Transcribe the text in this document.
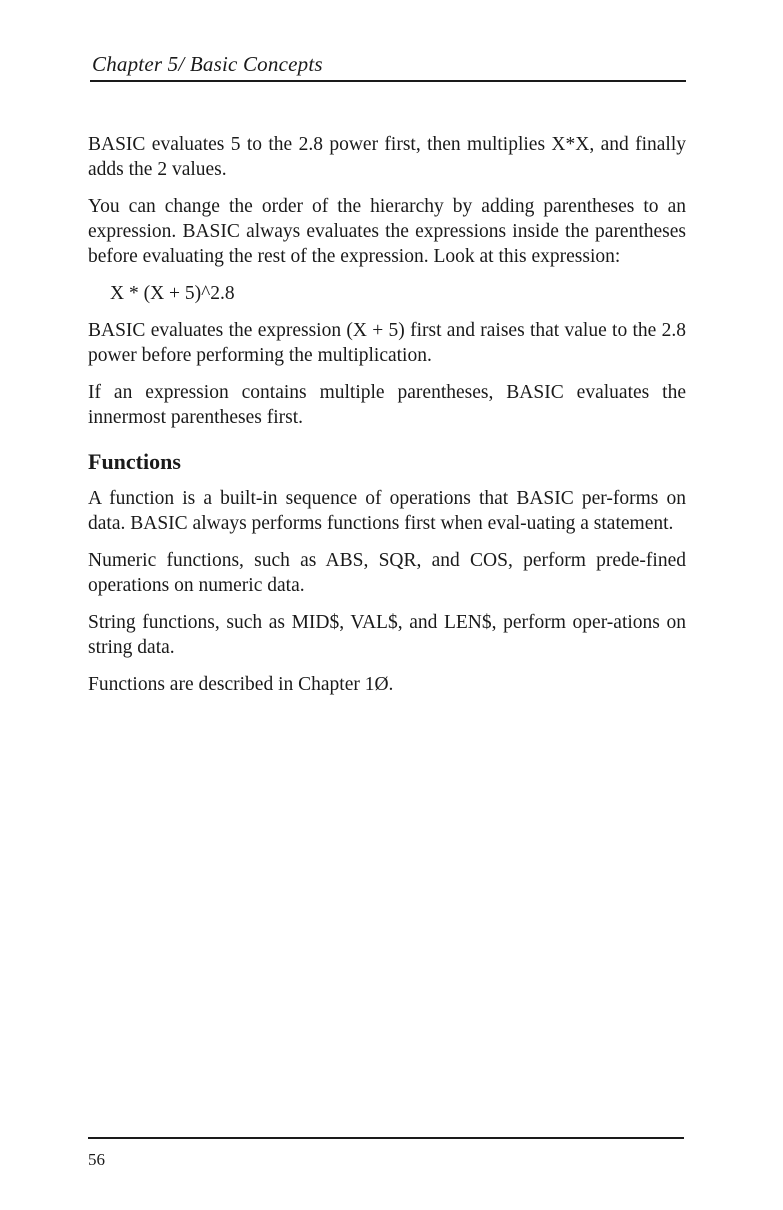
Chapter 5/ Basic Concepts

BASIC evaluates 5 to the 2.8 power first, then multiplies X*X, and finally adds the 2 values.

You can change the order of the hierarchy by adding parentheses to an expression. BASIC always evaluates the expressions inside the parentheses before evaluating the rest of the expression. Look at this expression:

X * (X + 5)^2.8

BASIC evaluates the expression (X + 5) first and raises that value to the 2.8 power before performing the multiplication.

If an expression contains multiple parentheses, BASIC evaluates the innermost parentheses first.

Functions

A function is a built-in sequence of operations that BASIC per-forms on data. BASIC always performs functions first when eval-uating a statement.

Numeric functions, such as ABS, SQR, and COS, perform prede-fined operations on numeric data.

String functions, such as MID$, VAL$, and LEN$, perform oper-ations on string data.

Functions are described in Chapter 1Ø.

56
